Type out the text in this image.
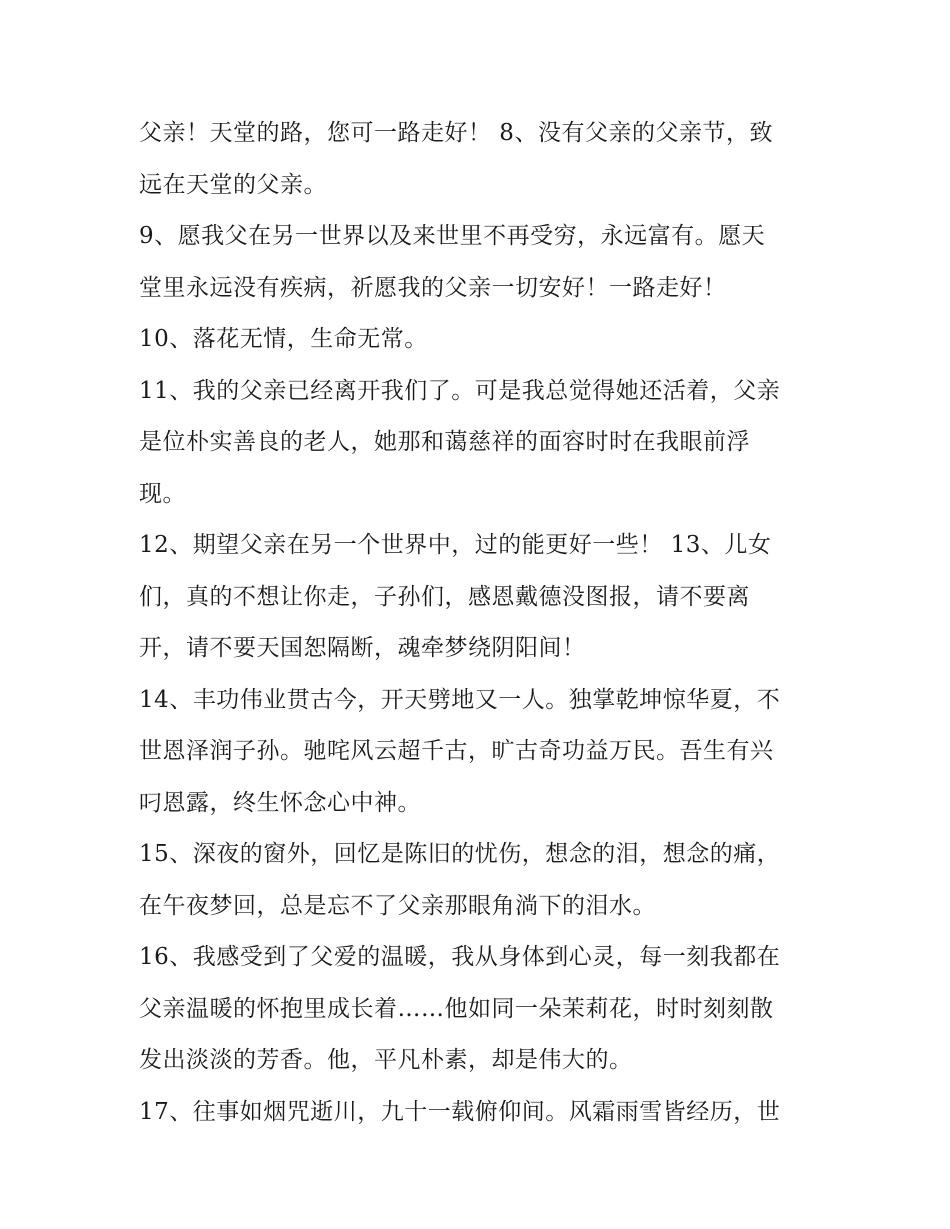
父亲！天堂的路，您可一路走好！ 8、没有父亲的父亲节，致
远在天堂的父亲。
9、愿我父在另一世界以及来世里不再受穷，永远富有。愿天
堂里永远没有疾病，祈愿我的父亲一切安好！一路走好！
10、落花无情，生命无常。
11、我的父亲已经离开我们了。可是我总觉得她还活着，父亲
是位朴实善良的老人，她那和蔼慈祥的面容时时在我眼前浮
现。
12、期望父亲在另一个世界中，过的能更好一些！ 13、儿女
们，真的不想让你走，子孙们，感恩戴德没图报，请不要离
开，请不要天国恕隔断，魂牵梦绕阴阳间！
14、丰功伟业贯古今，开天劈地又一人。独掌乾坤惊华夏，不
世恩泽润子孙。驰咤风云超千古，旷古奇功益万民。吾生有兴
叼恩露，终生怀念心中神。
15、深夜的窗外，回忆是陈旧的忧伤，想念的泪，想念的痛，
在午夜梦回，总是忘不了父亲那眼角淌下的泪水。
16、我感受到了父爱的温暖，我从身体到心灵，每一刻我都在
父亲温暖的怀抱里成长着……他如同一朵茉莉花，时时刻刻散
发出淡淡的芳香。他，平凡朴素，却是伟大的。
17、往事如烟咒逝川，九十一载俯仰间。风霜雨雪皆经历，世
